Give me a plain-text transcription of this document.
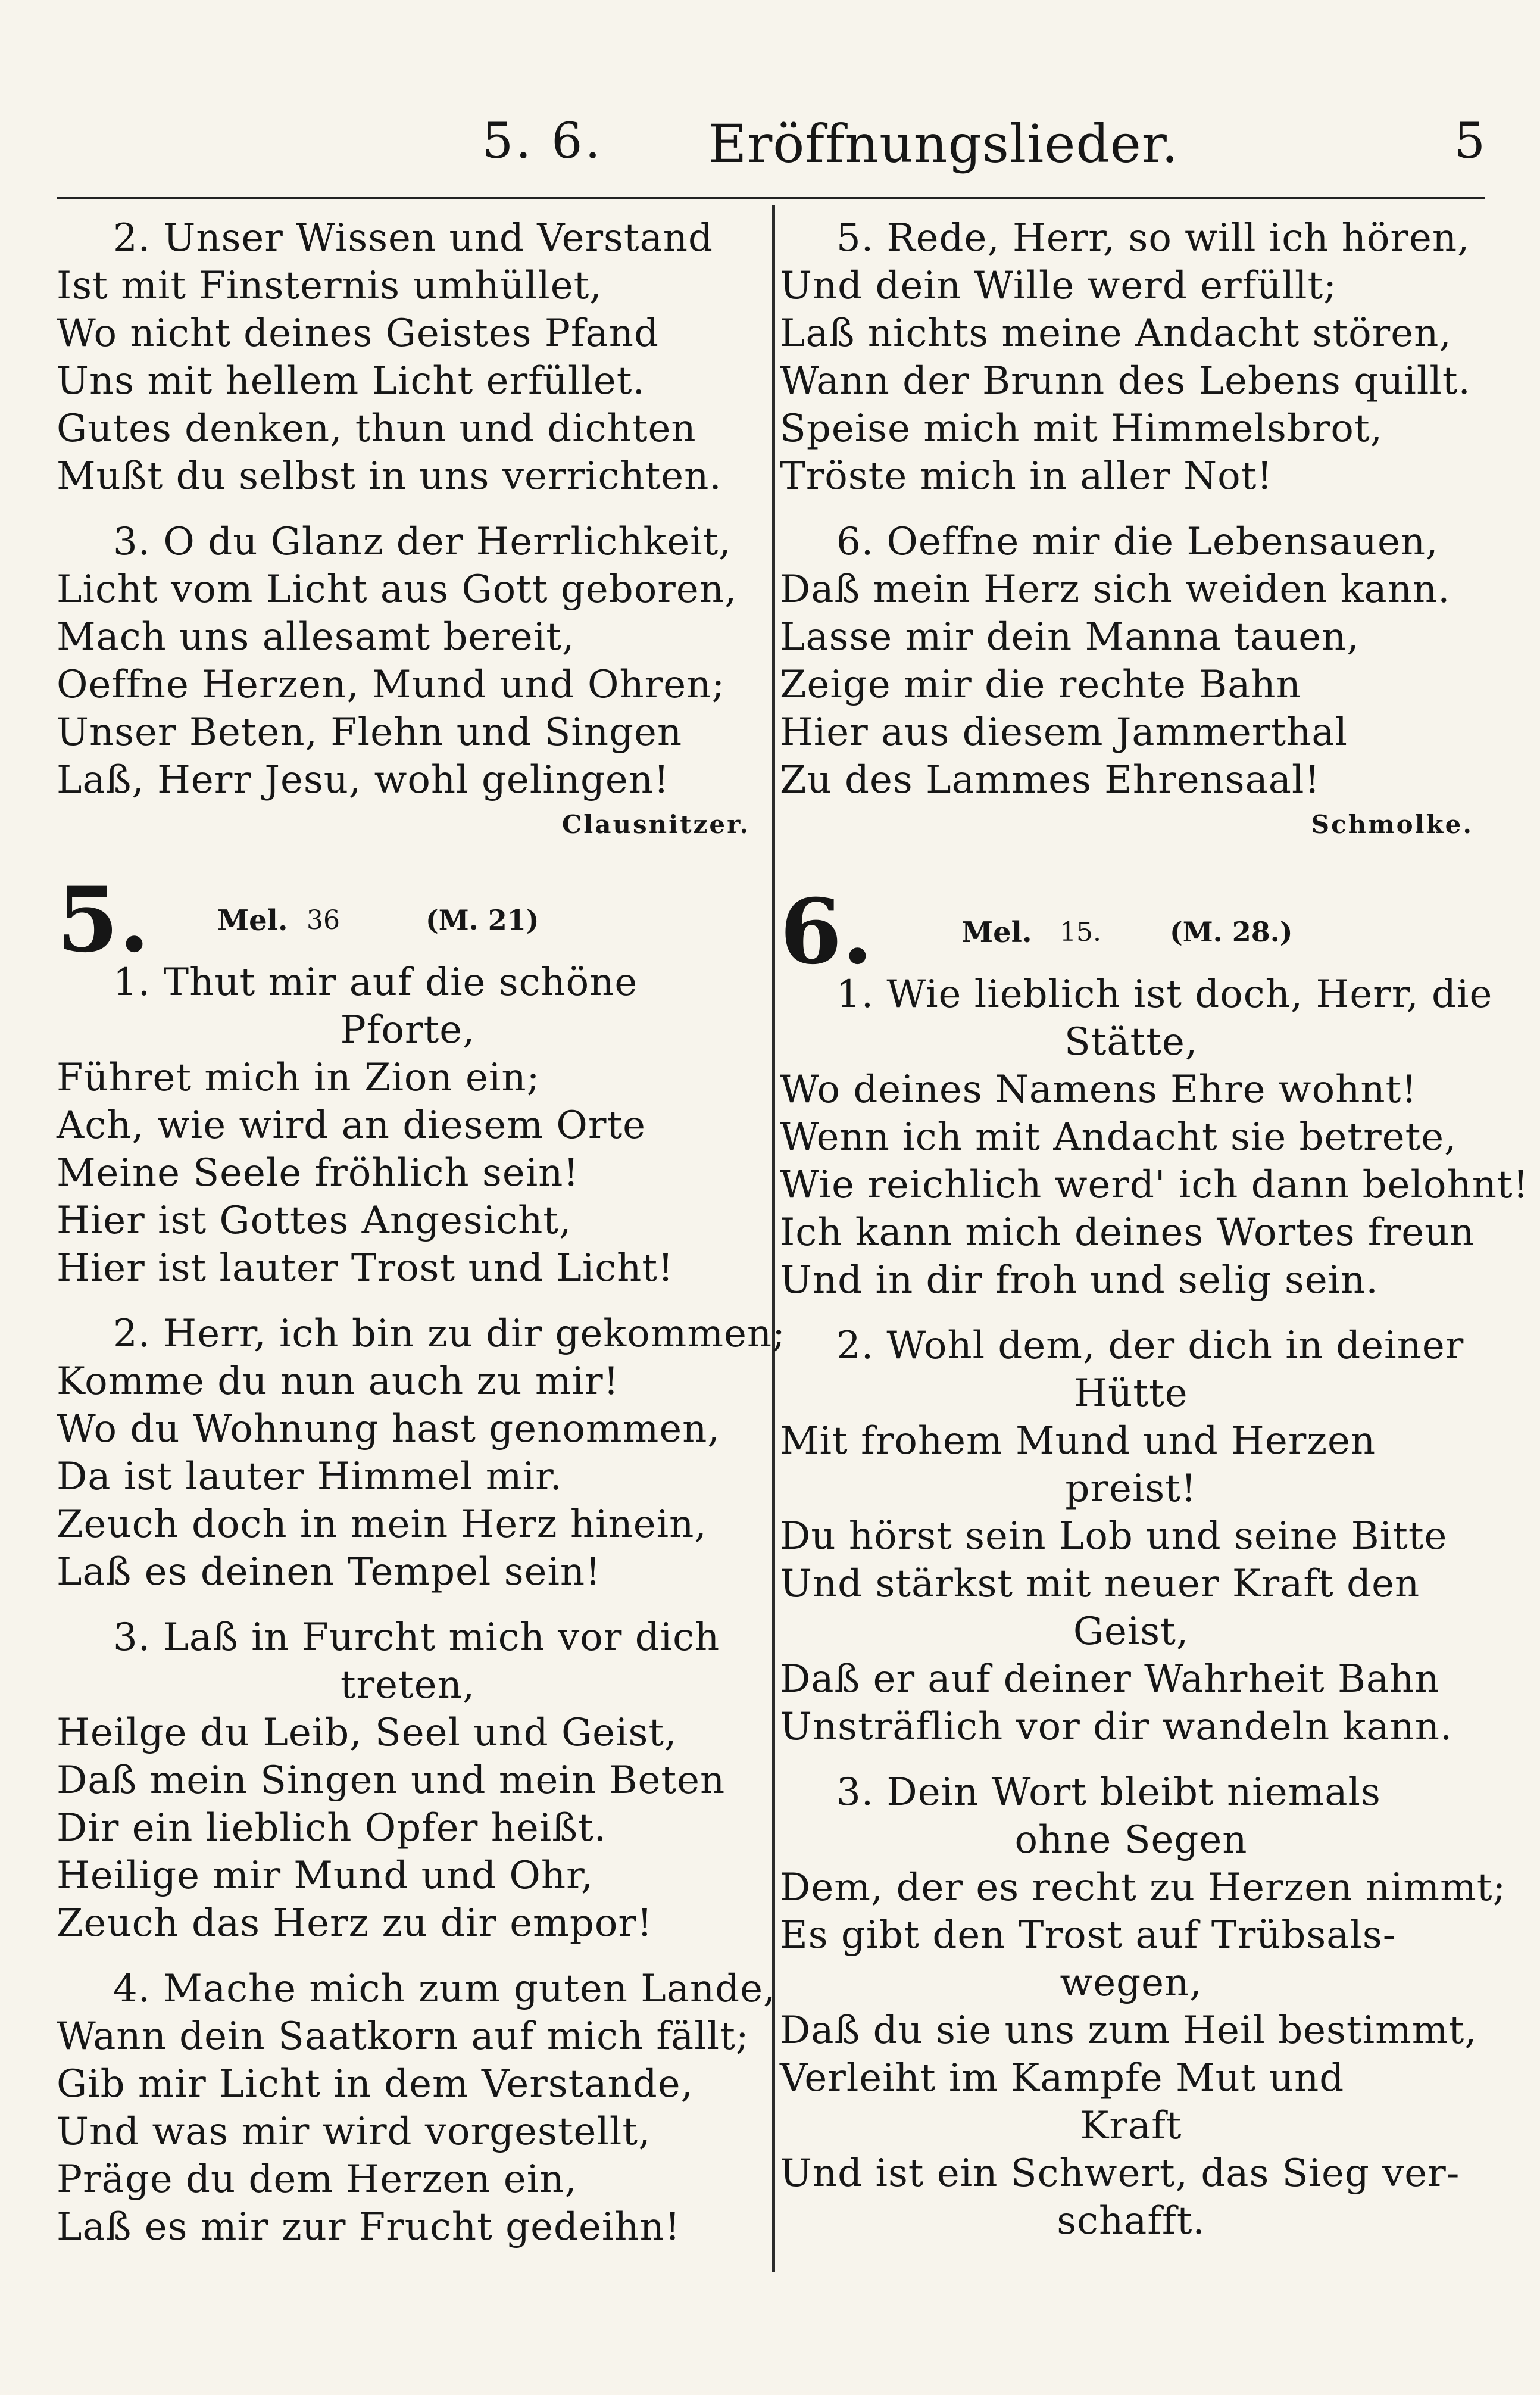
5. 6. Eröffnungslieder.	5
2. Unser Wissen und Verstand
Ist mit Finsternis umhüllet,
Wo nicht deines Geistes Pfand
Uns mit hellem Licht erfüllet.
Gutes denken, thun und dichten
Mußt du selbst in uns verrichten.
3. O du Glanz der Herrlichkeit,
Licht vom Licht aus Gott geboren,
Mach uns allesamt bereit,
Oeffne Herzen, Mund und Ohren;
Unser Beten, Flehn und Singen
Laß, Herr Jesu, wohl gelingen!
Clausnitzer.
5. Mel. 36	(M. 21)
1. Thut mir auf die schöne
Pforte,
Führet mich in Zion ein;
Ach, wie wird an diesem Orte
Meine Seele fröhlich sein!
Hier ist Gottes Angesicht,
Hier ist lauter Trost und Licht!
2. Herr, ich bin zu dir gekommen;
Komme du nun auch zu mir!
Wo du Wohnung hast genommen,
Da ist lauter Himmel mir.
Zeuch doch in mein Herz hinein,
Laß es deinen Tempel sein!
3. Laß in Furcht mich vor dich
treten,
Heilge du Leib, Seel und Geist,
Daß mein Singen und mein Beten
Dir ein lieblich Opfer heißt.
Heilige mir Mund und Ohr,
Zeuch das Herz zu dir empor!
4. Mache mich zum guten Lande,
Wann dein Saatkorn auf mich fällt;
Gib mir Licht in dem Verstande,
Und was mir wird vorgestellt,
Präge du dem Herzen ein,
Laß es mir zur Frucht gedeihn!
5. Rede, Herr, so will ich hören,
Und dein Wille werd erfüllt;
Laß nichts meine Andacht stören,
Wann der Brunn des Lebens quillt.
Speise mich mit Himmelsbrot,
Tröste mich in aller Not!
6. Oeffne mir die Lebensauen,
Daß mein Herz sich weiden kann.
Lasse mir dein Manna tauen,
Zeige mir die rechte Bahn
Hier aus diesem Jammerthal
Zu des Lammes Ehrensaal!
Schmolke.
6.	Mel. 15.	(M. 28.)
1. Wie lieblich ist doch, Herr, die
Stätte,
Wo deines Namens Ehre wohnt!
Wenn ich mit Andacht sie betrete,
Wie reichlich werd' ich dann belohnt!
Ich kann mich deines Wortes freun
Und in dir froh und selig sein.
2. Wohl dem, der dich in deiner
Hütte
Mit frohem Mund und Herzen
preist!
Du hörst sein Lob und seine Bitte
Und stärkst mit neuer Kraft den
Geist,
Daß er auf deiner Wahrheit Bahn
Unsträflich vor dir wandeln kann.
3. Dein Wort bleibt niemals
ohne Segen
Dem, der es recht zu Herzen nimmt;
Es gibt den Trost auf Trübsals-
wegen,
Daß du sie uns zum Heil bestimmt,
Verleiht im Kampfe Mut und
Kraft
Und ist ein Schwert, das Sieg ver-
schafft.
